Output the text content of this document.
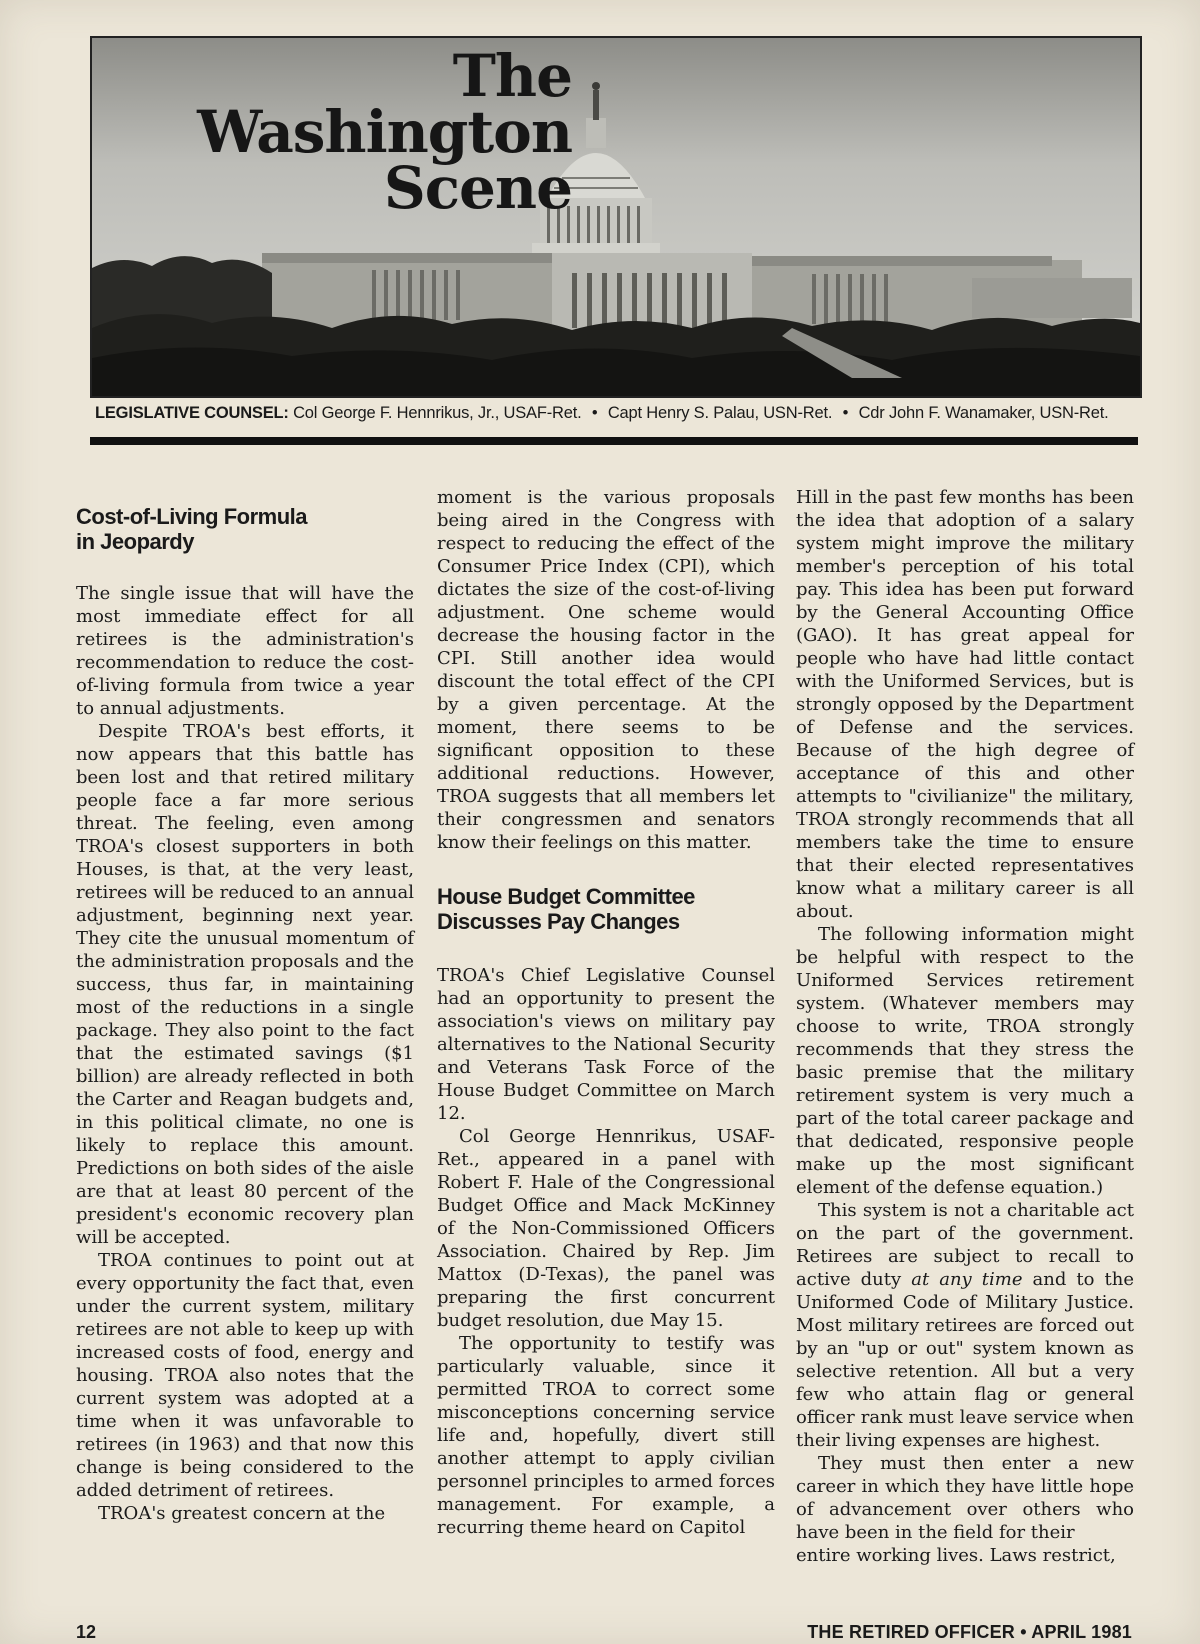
The
Washington
Scene
LEGISLATIVE COUNSEL: Col George F. Hennrikus, Jr., USAF-Ret. • Capt Henry S. Palau, USN-Ret. • Cdr John F. Wanamaker, USN-Ret.
Cost-of-Living Formula
in Jeopardy

The single issue that will have the most immediate effect for all retirees is the administration's recommendation to reduce the cost-of-living formula from twice a year to annual adjustments.

Despite TROA's best efforts, it now appears that this battle has been lost and that retired military people face a far more serious threat. The feeling, even among TROA's closest supporters in both Houses, is that, at the very least, retirees will be reduced to an annual adjustment, beginning next year. They cite the unusual momentum of the administration proposals and the success, thus far, in maintaining most of the reductions in a single package. They also point to the fact that the estimated savings ($1 billion) are already reflected in both the Carter and Reagan budgets and, in this political climate, no one is likely to replace this amount. Predictions on both sides of the aisle are that at least 80 percent of the president's economic recovery plan will be accepted.

TROA continues to point out at every opportunity the fact that, even under the current system, military retirees are not able to keep up with increased costs of food, energy and housing. TROA also notes that the current system was adopted at a time when it was unfavorable to retirees (in 1963) and that now this change is being considered to the added detriment of retirees.

TROA's greatest concern at the

moment is the various proposals being aired in the Congress with respect to reducing the effect of the Consumer Price Index (CPI), which dictates the size of the cost-of-living adjustment. One scheme would decrease the housing factor in the CPI. Still another idea would discount the total effect of the CPI by a given percentage. At the moment, there seems to be significant opposition to these additional reductions. However, TROA suggests that all members let their congressmen and senators know their feelings on this matter.

House Budget Committee
Discusses Pay Changes

TROA's Chief Legislative Counsel had an opportunity to present the association's views on military pay alternatives to the National Security and Veterans Task Force of the House Budget Committee on March 12.

Col George Hennrikus, USAF-Ret., appeared in a panel with Robert F. Hale of the Congressional Budget Office and Mack McKinney of the Non-Commissioned Officers Association. Chaired by Rep. Jim Mattox (D-Texas), the panel was preparing the first concurrent budget resolution, due May 15.

The opportunity to testify was particularly valuable, since it permitted TROA to correct some misconceptions concerning service life and, hopefully, divert still another attempt to apply civilian personnel principles to armed forces management. For example, a recurring theme heard on Capitol

Hill in the past few months has been the idea that adoption of a salary system might improve the military member's perception of his total pay. This idea has been put forward by the General Accounting Office (GAO). It has great appeal for people who have had little contact with the Uniformed Services, but is strongly opposed by the Department of Defense and the services. Because of the high degree of acceptance of this and other attempts to "civilianize" the military, TROA strongly recommends that all members take the time to ensure that their elected representatives know what a military career is all about.

The following information might be helpful with respect to the Uniformed Services retirement system. (Whatever members may choose to write, TROA strongly recommends that they stress the basic premise that the military retirement system is very much a part of the total career package and that dedicated, responsive people make up the most significant element of the defense equation.)

This system is not a charitable act on the part of the government. Retirees are subject to recall to active duty at any time and to the Uniformed Code of Military Justice. Most military retirees are forced out by an "up or out" system known as selective retention. All but a very few who attain flag or general officer rank must leave service when their living expenses are highest.

They must then enter a new career in which they have little hope of advancement over others who have been in the field for their

entire working lives. Laws restrict,

12	THE RETIRED OFFICER • APRIL 1981
